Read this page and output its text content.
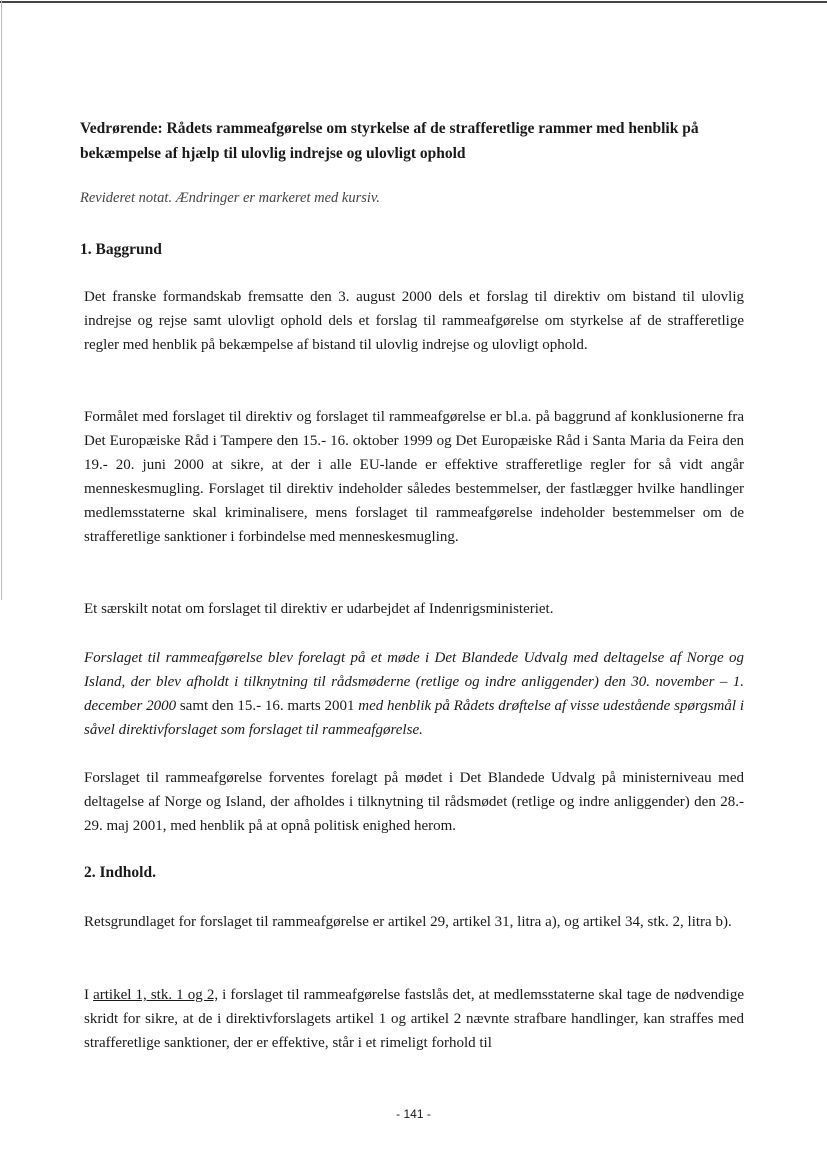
Vedrørende: Rådets rammeafgørelse om styrkelse af de strafferetlige rammer med henblik på bekæmpelse af hjælp til ulovlig indrejse og ulovligt ophold

Revideret notat. Ændringer er markeret med kursiv.

1. Baggrund

Det franske formandskab fremsatte den 3. august 2000 dels et forslag til direktiv om bistand til ulovlig indrejse og rejse samt ulovligt ophold dels et forslag til rammeafgørelse om styrkelse af de strafferetlige regler med henblik på bekæmpelse af bistand til ulovlig indrejse og ulovligt ophold.

Formålet med forslaget til direktiv og forslaget til rammeafgørelse er bl.a. på baggrund af konklusionerne fra Det Europæiske Råd i Tampere den 15.- 16. oktober 1999 og Det Europæiske Råd i Santa Maria da Feira den 19.- 20. juni 2000 at sikre, at der i alle EU-lande er effektive strafferetlige regler for så vidt angår menneskesmugling. Forslaget til direktiv indeholder således bestemmelser, der fastlægger hvilke handlinger medlemsstaterne skal kriminalisere, mens forslaget til rammeafgørelse indeholder bestemmelser om de strafferetlige sanktioner i forbindelse med menneskesmugling.

Et særskilt notat om forslaget til direktiv er udarbejdet af Indenrigsministeriet.

Forslaget til rammeafgørelse blev forelagt på et møde i Det Blandede Udvalg med deltagelse af Norge og Island, der blev afholdt i tilknytning til rådsmøderne (retlige og indre anliggender) den 30. november – 1. december 2000 samt den 15.- 16. marts 2001 med henblik på Rådets drøftelse af visse udestående spørgsmål i såvel direktivforslaget som forslaget til rammeafgørelse.

Forslaget til rammeafgørelse forventes forelagt på mødet i Det Blandede Udvalg på ministerniveau med deltagelse af Norge og Island, der afholdes i tilknytning til rådsmødet (retlige og indre anliggender) den 28.- 29. maj 2001, med henblik på at opnå politisk enighed herom.

2. Indhold.

Retsgrundlaget for forslaget til rammeafgørelse er artikel 29, artikel 31, litra a), og artikel 34, stk. 2, litra b).

I artikel 1, stk. 1 og 2, i forslaget til rammeafgørelse fastslås det, at medlemsstaterne skal tage de nødvendige skridt for sikre, at de i direktivforslagets artikel 1 og artikel 2 nævnte strafbare handlinger, kan straffes med strafferetlige sanktioner, der er effektive, står i et rimeligt forhold til

- 141 -
